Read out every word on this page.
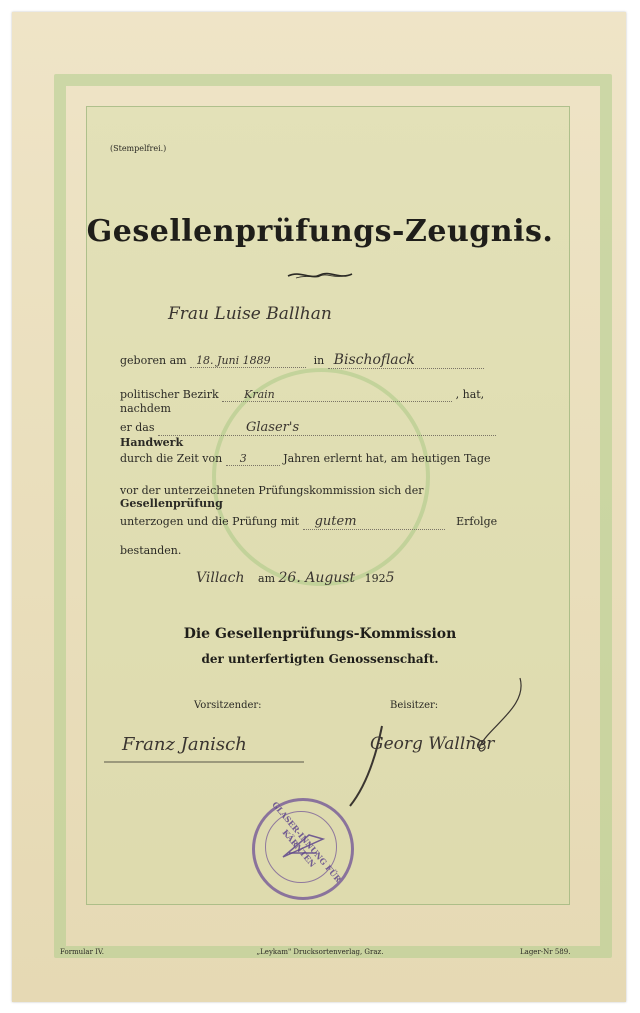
(Stempelfrei.)
Gesellenprüfungs-Zeugnis.
Frau Luise Ballhan
geboren am 18. Juni 1889	in Bischoflack
politischer Bezirk Krain	, hat, nachdem
er das	Glaser's Handwerk
durch die Zeit von 3	Jahren erlernt hat, am heutigen Tage
vor der unterzeichneten Prüfungskommission sich der Gesellenprüfung
unterzogen und die Prüfung mit gutem	Erfolge
bestanden.
Villach am 26. August 1925
Die Gesellenprüfungs-Kommission
der unterfertigten Genossenschaft.
Vorsitzender:	Beisitzer:
Franz Janisch	Georg Wallner
GLASER-INNUNG FÜR KÄRNTEN
Formular IV.	„Leykam" Drucksortenverlag, Graz.	Lager-Nr 589.
